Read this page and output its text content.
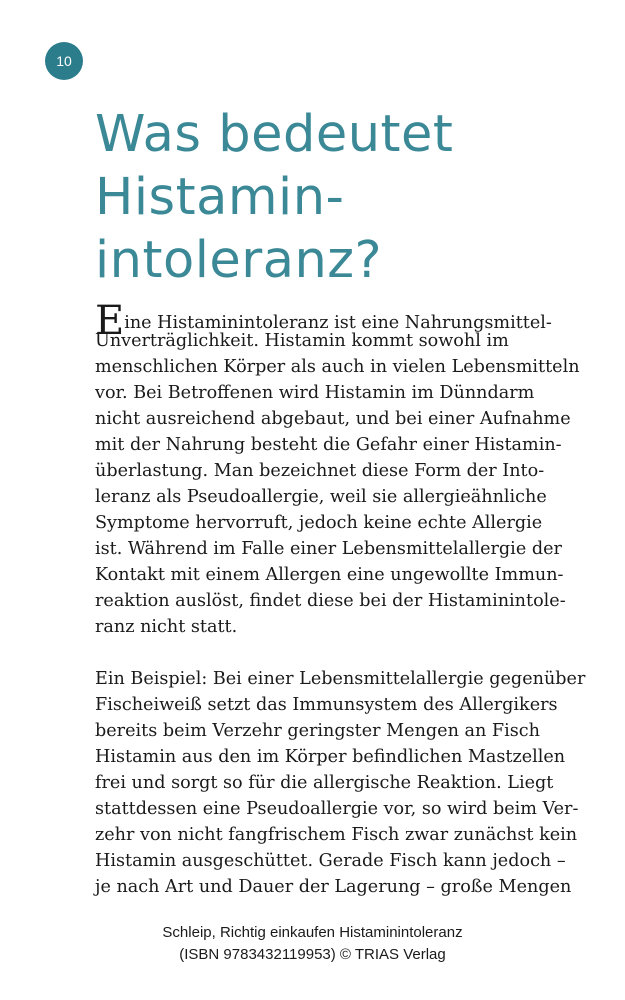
10
Was bedeutet
Histamin-
intoleranz?
Eine Histaminintoleranz ist eine Nahrungsmittel-
Unverträglichkeit. Histamin kommt sowohl im
menschlichen Körper als auch in vielen Lebensmitteln
vor. Bei Betroffenen wird Histamin im Dünndarm
nicht ausreichend abgebaut, und bei einer Aufnahme
mit der Nahrung besteht die Gefahr einer Histamin-
überlastung. Man bezeichnet diese Form der Into-
leranz als Pseudoallergie, weil sie allergieähnliche
Symptome hervorruft, jedoch keine echte Allergie
ist. Während im Falle einer Lebensmittelallergie der
Kontakt mit einem Allergen eine ungewollte Immun-
reaktion auslöst, findet diese bei der Histaminintole-
ranz nicht statt.
Ein Beispiel: Bei einer Lebensmittelallergie gegenüber
Fischeiweiß setzt das Immunsystem des Allergikers
bereits beim Verzehr geringster Mengen an Fisch
Histamin aus den im Körper befindlichen Mastzellen
frei und sorgt so für die allergische Reaktion. Liegt
stattdessen eine Pseudoallergie vor, so wird beim Ver-
zehr von nicht fangfrischem Fisch zwar zunächst kein
Histamin ausgeschüttet. Gerade Fisch kann jedoch –
je nach Art und Dauer der Lagerung – große Mengen
Schleip, Richtig einkaufen Histaminintoleranz
(ISBN 9783432119953) © TRIAS Verlag
